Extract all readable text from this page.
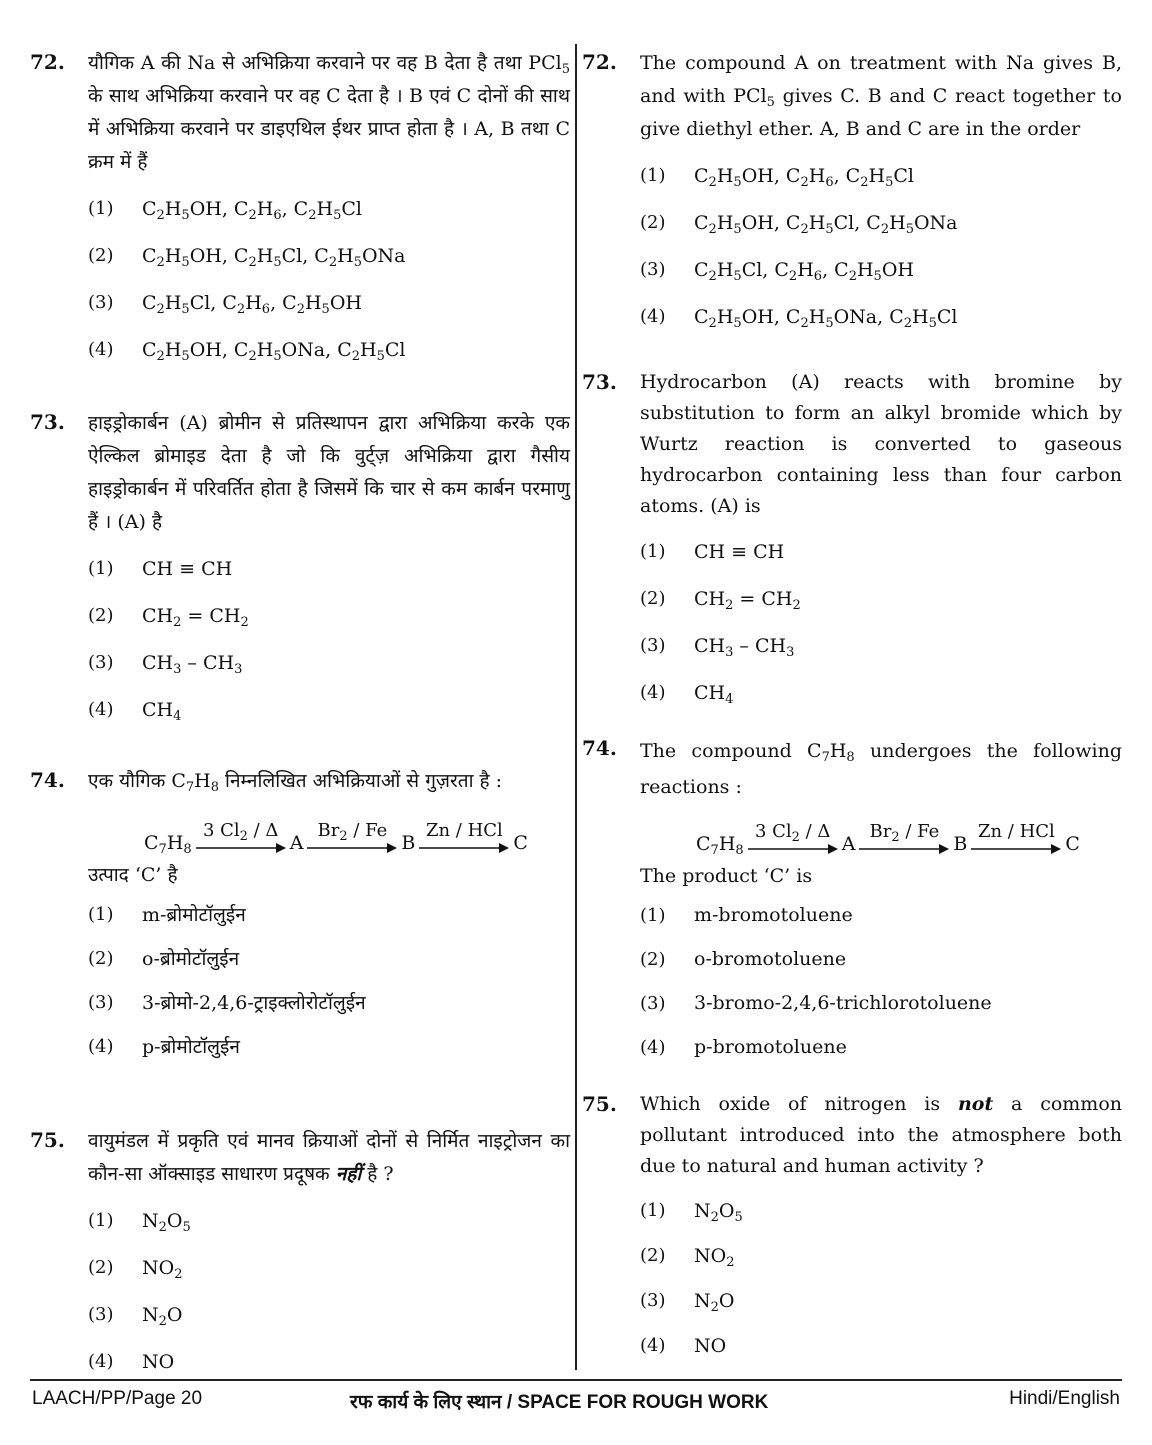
72.	यौगिक A की Na से अभिक्रिया करवाने पर वह B देता है तथा PCl$_5$ के साथ अभिक्रिया करवाने पर वह C देता है । B एवं C दोनों की साथ में अभिक्रिया करवाने पर डाइएथिल ईथर प्राप्त होता है । A, B तथा C क्रम में हैं
(1)	$C_2H_5OH$, $C_2H_6$, $C_2H_5Cl$
(2)	$C_2H_5OH$, $C_2H_5Cl$, $C_2H_5ONa$
(3)	$C_2H_5Cl$, $C_2H_6$, $C_2H_5OH$
(4)	$C_2H_5OH$, $C_2H_5ONa$, $C_2H_5Cl$
73.	हाइड्रोकार्बन (A) ब्रोमीन से प्रतिस्थापन द्वारा अभिक्रिया करके एक ऐल्किल ब्रोमाइड देता है जो कि वुर्ट्ज़ अभिक्रिया द्वारा गैसीय हाइड्रोकार्बन में परिवर्तित होता है जिसमें कि चार से कम कार्बन परमाणु हैं । (A) है
(1)	CH ≡ CH
(2)	$CH_2 = CH_2$
(3)	$CH_3 - CH_3$
(4)	$CH_4$
74.	एक यौगिक $C_7H_8$ निम्नलिखित अभिक्रियाओं से गुज़रता है :
$C_7H_8$
3 $Cl_2$ / Δ
A
$Br_2$ / Fe
B
Zn / HCl
C
उत्पाद ‘C’ है
(1)	m-ब्रोमोटॉलुईन
(2)	o-ब्रोमोटॉलुईन
(3)	3-ब्रोमो-2,4,6-ट्राइक्लोरोटॉलुईन
(4)	p-ब्रोमोटॉलुईन
75.	वायुमंडल में प्रकृति एवं मानव क्रियाओं दोनों से निर्मित नाइट्रोजन का कौन-सा ऑक्साइड साधारण प्रदूषक नहीं है ?
(1)	$N_2O_5$
(2)	$NO_2$
(3)	$N_2O$
(4)	NO
72.	The compound A on treatment with Na gives B, and with PCl$_5$ gives C. B and C react together to give diethyl ether. A, B and C are in the order
(1)	$C_2H_5OH$, $C_2H_6$, $C_2H_5Cl$
(2)	$C_2H_5OH$, $C_2H_5Cl$, $C_2H_5ONa$
(3)	$C_2H_5Cl$, $C_2H_6$, $C_2H_5OH$
(4)	$C_2H_5OH$, $C_2H_5ONa$, $C_2H_5Cl$
73.	Hydrocarbon (A) reacts with bromine by substitution to form an alkyl bromide which by Wurtz reaction is converted to gaseous hydrocarbon containing less than four carbon atoms. (A) is
(1)	CH ≡ CH
(2)	$CH_2 = CH_2$
(3)	$CH_3 - CH_3$
(4)	$CH_4$
74.	The compound $C_7H_8$ undergoes the following reactions :
$C_7H_8$
3 $Cl_2$ / Δ
A
$Br_2$ / Fe
B
Zn / HCl
C
The product ‘C’ is
(1)	m-bromotoluene
(2)	o-bromotoluene
(3)	3-bromo-2,4,6-trichlorotoluene
(4)	p-bromotoluene
75.	Which oxide of nitrogen is not a common pollutant introduced into the atmosphere both due to natural and human activity ?
(1)	$N_2O_5$
(2)	$NO_2$
(3)	$N_2O$
(4)	NO
LAACH/PP/Page 20	रफ कार्य के लिए स्थान / SPACE FOR ROUGH WORK	Hindi/English
